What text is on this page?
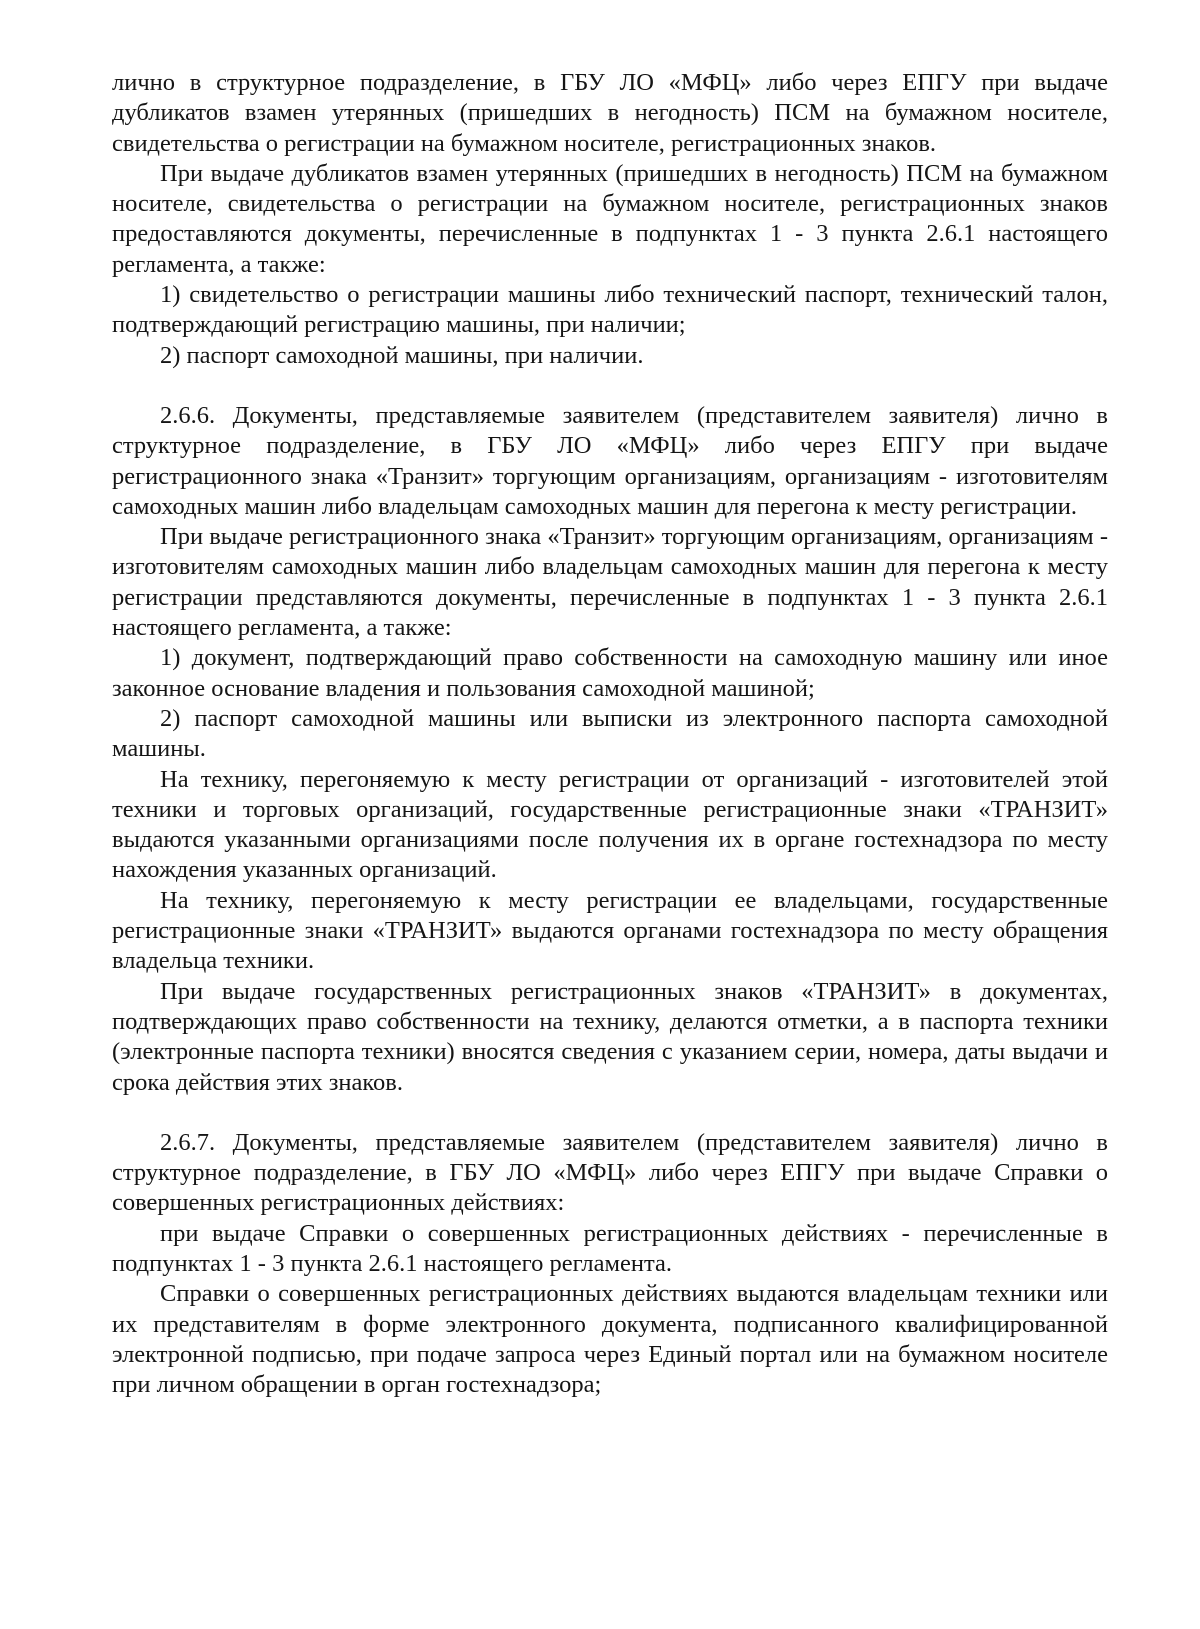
лично в структурное подразделение, в ГБУ ЛО «МФЦ» либо через ЕПГУ при выдаче дубликатов взамен утерянных (пришедших в негодность) ПСМ на бумажном носителе, свидетельства о регистрации на бумажном носителе, регистрационных знаков.

При выдаче дубликатов взамен утерянных (пришедших в негодность) ПСМ на бумажном носителе, свидетельства о регистрации на бумажном носителе, регистрационных знаков предоставляются документы, перечисленные в подпунктах 1 - 3 пункта 2.6.1 настоящего регламента, а также:

1) свидетельство о регистрации машины либо технический паспорт, технический талон, подтверждающий регистрацию машины, при наличии;

2) паспорт самоходной машины, при наличии.

2.6.6. Документы, представляемые заявителем (представителем заявителя) лично в структурное подразделение, в ГБУ ЛО «МФЦ» либо через ЕПГУ при выдаче регистрационного знака «Транзит» торгующим организациям, организациям - изготовителям самоходных машин либо владельцам самоходных машин для перегона к месту регистрации.

При выдаче регистрационного знака «Транзит» торгующим организациям, организациям - изготовителям самоходных машин либо владельцам самоходных машин для перегона к месту регистрации представляются документы, перечисленные в подпунктах 1 - 3 пункта 2.6.1 настоящего регламента, а также:

1) документ, подтверждающий право собственности на самоходную машину или иное законное основание владения и пользования самоходной машиной;

2) паспорт самоходной машины или выписки из электронного паспорта самоходной машины.

На технику, перегоняемую к месту регистрации от организаций - изготовителей этой техники и торговых организаций, государственные регистрационные знаки «ТРАНЗИТ» выдаются указанными организациями после получения их в органе гостехнадзора по месту нахождения указанных организаций.

На технику, перегоняемую к месту регистрации ее владельцами, государственные регистрационные знаки «ТРАНЗИТ» выдаются органами гостехнадзора по месту обращения владельца техники.

При выдаче государственных регистрационных знаков «ТРАНЗИТ» в документах, подтверждающих право собственности на технику, делаются отметки, а в паспорта техники (электронные паспорта техники) вносятся сведения с указанием серии, номера, даты выдачи и срока действия этих знаков.

2.6.7. Документы, представляемые заявителем (представителем заявителя) лично в структурное подразделение, в ГБУ ЛО «МФЦ» либо через ЕПГУ при выдаче Справки о совершенных регистрационных действиях:

при выдаче Справки о совершенных регистрационных действиях - перечисленные в подпунктах 1 - 3 пункта 2.6.1 настоящего регламента.

Справки о совершенных регистрационных действиях выдаются владельцам техники или их представителям в форме электронного документа, подписанного квалифицированной электронной подписью, при подаче запроса через Единый портал или на бумажном носителе при личном обращении в орган гостехнадзора;
